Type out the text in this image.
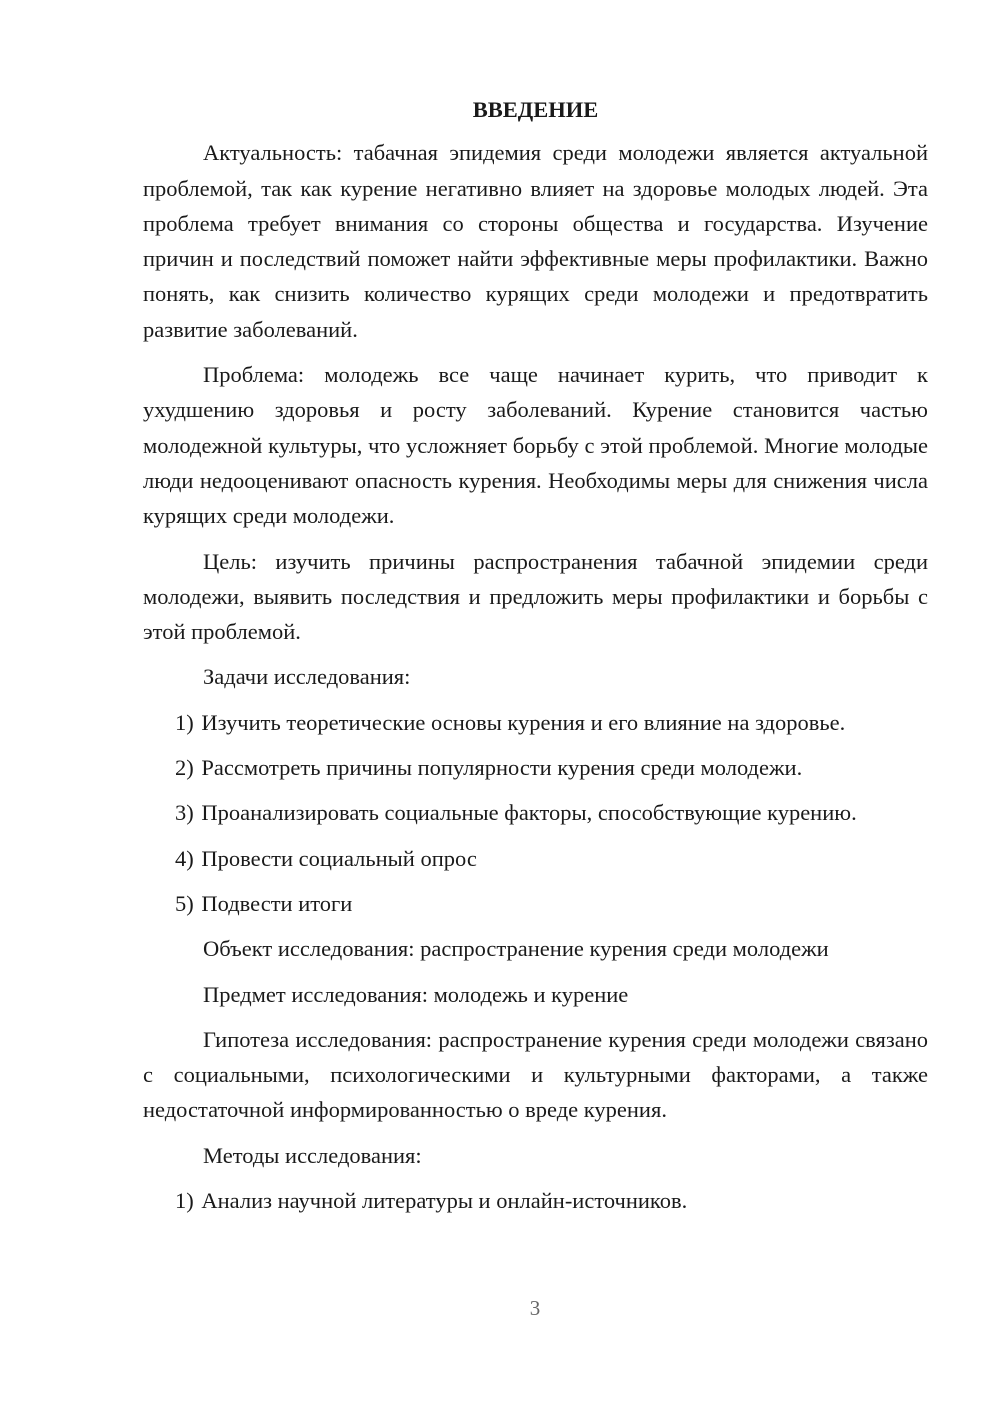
ВВЕДЕНИЕ

Актуальность: табачная эпидемия среди молодежи является актуальной проблемой, так как курение негативно влияет на здоровье молодых людей. Эта проблема требует внимания со стороны общества и государства. Изучение причин и последствий поможет найти эффективные меры профилактики. Важно понять, как снизить количество курящих среди молодежи и предотвратить развитие заболеваний.

Проблема: молодежь все чаще начинает курить, что приводит к ухудшению здоровья и росту заболеваний. Курение становится частью молодежной культуры, что усложняет борьбу с этой проблемой. Многие молодые люди недооценивают опасность курения. Необходимы меры для снижения числа курящих среди молодежи.

Цель: изучить причины распространения табачной эпидемии среди молодежи, выявить последствия и предложить меры профилактики и борьбы с этой проблемой.

Задачи исследования:

1) Изучить теоретические основы курения и его влияние на здоровье.

2) Рассмотреть причины популярности курения среди молодежи.

3) Проанализировать социальные факторы, способствующие курению.

4) Провести социальный опрос

5) Подвести итоги

Объект исследования: распространение курения среди молодежи

Предмет исследования: молодежь и курение

Гипотеза исследования: распространение курения среди молодежи связано с социальными, психологическими и культурными факторами, а также недостаточной информированностью о вреде курения.

Методы исследования:

1) Анализ научной литературы и онлайн-источников.

3
